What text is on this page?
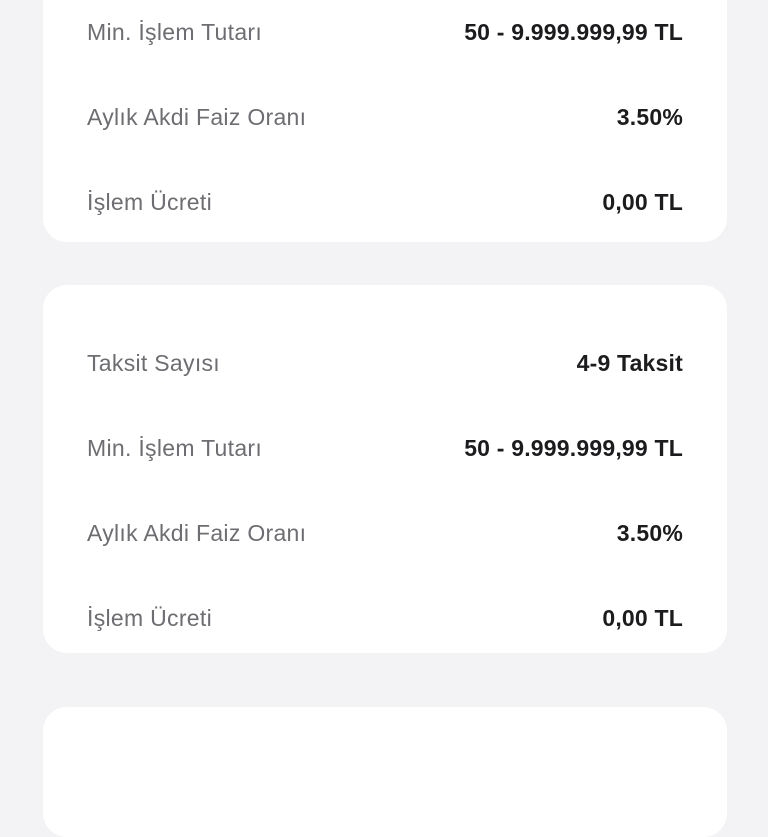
Min. İşlem Tutarı	50 - 9.999.999,99 TL
Aylık Akdi Faiz Oranı	3.50%
İşlem Ücreti	0,00 TL
Taksit Sayısı	4-9 Taksit
Min. İşlem Tutarı	50 - 9.999.999,99 TL
Aylık Akdi Faiz Oranı	3.50%
İşlem Ücreti	0,00 TL
